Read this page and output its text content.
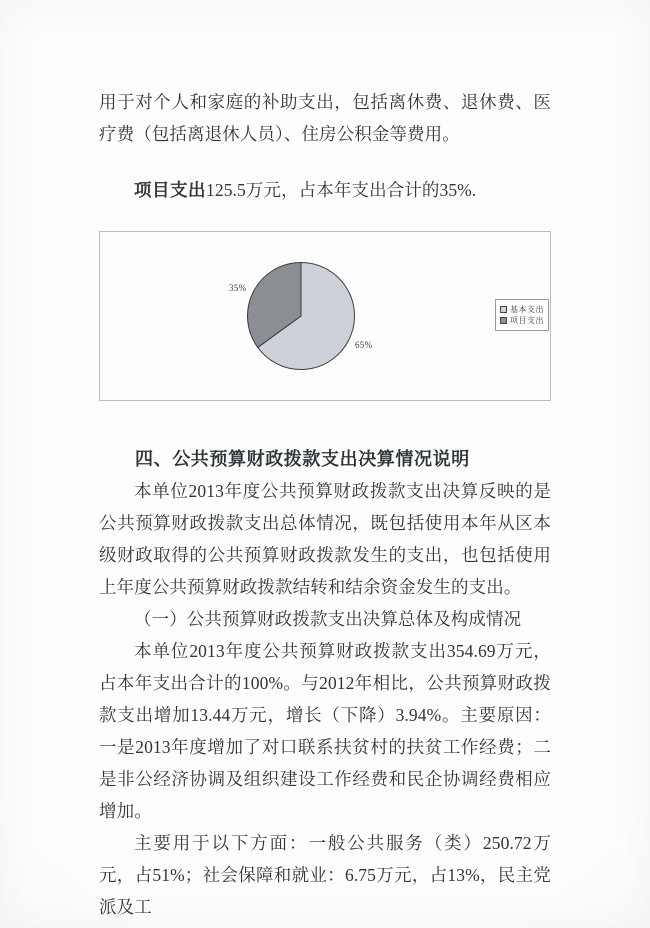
用于对个人和家庭的补助支出，包括离休费、退休费、医疗费（包括离退休人员）、住房公积金等费用。

项目支出125.5万元，占本年支出合计的35%.

35%
65%
基本支出
项目支出
四、公共预算财政拨款支出决算情况说明

本单位2013年度公共预算财政拨款支出决算反映的是公共预算财政拨款支出总体情况，既包括使用本年从区本级财政取得的公共预算财政拨款发生的支出，也包括使用上年度公共预算财政拨款结转和结余资金发生的支出。

（一）公共预算财政拨款支出决算总体及构成情况

本单位2013年度公共预算财政拨款支出354.69万元，占本年支出合计的100%。与2012年相比，公共预算财政拨款支出增加13.44万元，增长（下降）3.94%。主要原因：一是2013年度增加了对口联系扶贫村的扶贫工作经费；二是非公经济协调及组织建设工作经费和民企协调经费相应增加。

主要用于以下方面：一般公共服务（类）250.72万元，占51%；社会保障和就业：6.75万元，占13%，民主党派及工
